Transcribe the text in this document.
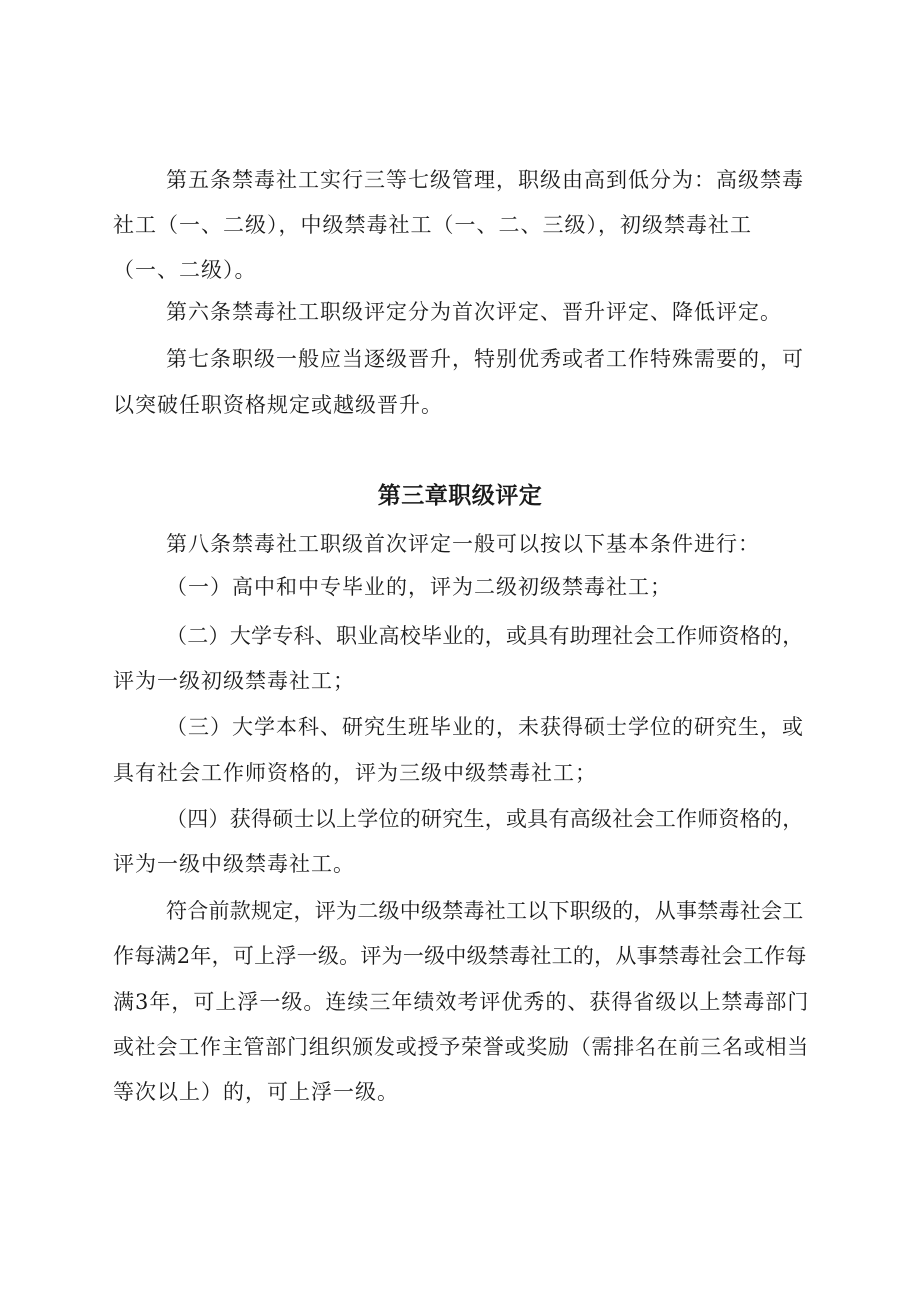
第五条禁毒社工实行三等七级管理，职级由高到低分为：高级禁毒
社工（一、二级），中级禁毒社工（一、二、三级），初级禁毒社工
（一、二级）。
第六条禁毒社工职级评定分为首次评定、晋升评定、降低评定。
第七条职级一般应当逐级晋升，特别优秀或者工作特殊需要的，可
以突破任职资格规定或越级晋升。
第三章职级评定
第八条禁毒社工职级首次评定一般可以按以下基本条件进行：
（一）高中和中专毕业的，评为二级初级禁毒社工；
（二）大学专科、职业高校毕业的，或具有助理社会工作师资格的，
评为一级初级禁毒社工；
（三）大学本科、研究生班毕业的，未获得硕士学位的研究生，或
具有社会工作师资格的，评为三级中级禁毒社工；
（四）获得硕士以上学位的研究生，或具有高级社会工作师资格的，
评为一级中级禁毒社工。
符合前款规定，评为二级中级禁毒社工以下职级的，从事禁毒社会工
作每满2年，可上浮一级。评为一级中级禁毒社工的，从事禁毒社会工作每
满3年，可上浮一级。连续三年绩效考评优秀的、获得省级以上禁毒部门
或社会工作主管部门组织颁发或授予荣誉或奖励（需排名在前三名或相当
等次以上）的，可上浮一级。
